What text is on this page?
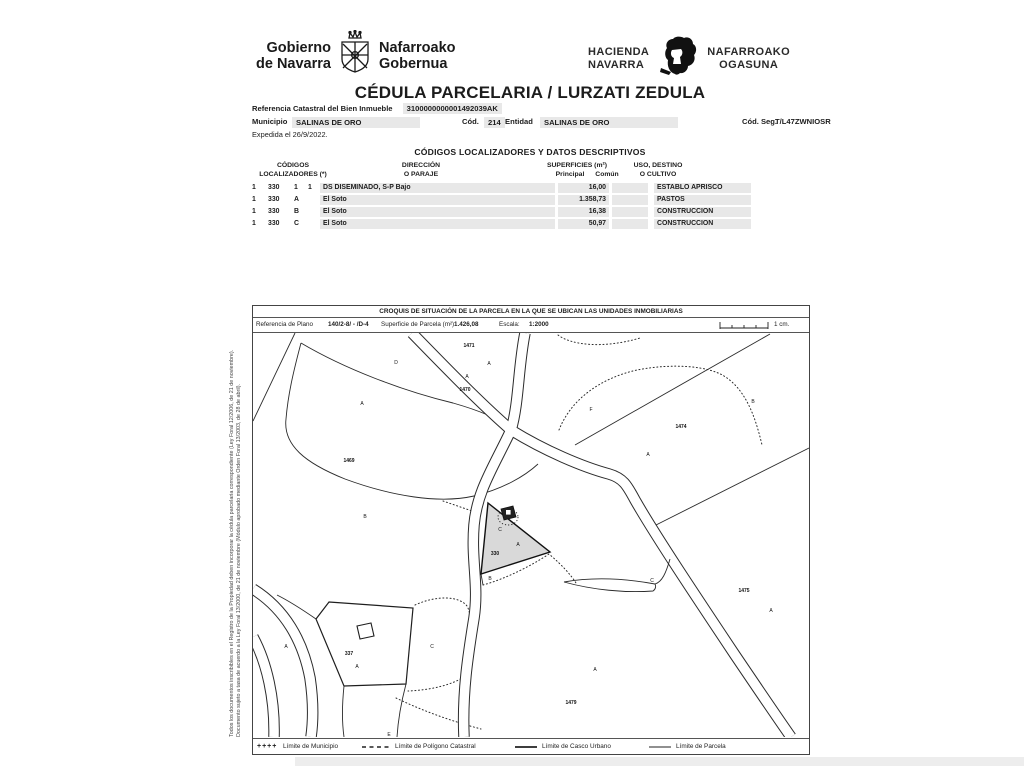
Gobierno
de Navarra
Nafarroako
Gobernua
HACIENDA
NAVARRA
NAFARROAKO
OGASUNA
CÉDULA PARCELARIA / LURZATI ZEDULA
Referencia Catastral del Bien Inmueble 3100000000001492039AK
Municipio	SALINAS DE ORO	Cód.	214 Entidad	SALINAS DE ORO	Cód. Seg.
T/L47ZWNIOSR
Expedida el 26/9/2022.
CÓDIGOS LOCALIZADORES Y DATOS DESCRIPTIVOS
CÓDIGOS
LOCALIZADORES (*)
DIRECCIÓN
O PARAJE
SUPERFICIES (m²)
Principal	Común
USO, DESTINO
O CULTIVO
1 330 1 1	DS DISEMINADO, S-P Bajo	16,00	ESTABLO APRISCO
1 330 A	El Soto	1.358,73	PASTOS
1 330 B	El Soto	16,38	CONSTRUCCION
1 330 C	El Soto	50,97	CONSTRUCCION
Todos los documentos inscribibles en el Registro de la Propiedad deben incorporar la cédula parcelaria correspondiente (Ley Foral 12/2006, de 21 de noviembre). Documento sujeto a tasa de acuerdo a la Ley Foral 13/2000, de 21 de noviembre (Módulo aprobado mediante Orden Foral 13/2003, de 28 de abril).
CROQUIS DE SITUACIÓN DE LA PARCELA EN LA QUE SE UBICAN LAS UNIDADES INMOBILIARIAS
Referencia de Plano 140/2-8/ - /D-4 Superficie de Parcela (m²) 1.426,08	Escala: 1:2000	1 cm.
1471
A
D
A
1470
A
1469
B
F
1474
A
B
C
A
330
B	C
1475
A
A
337
A
C
A
1479
E
++++ Límite de Municipio	Límite de Polígono Catastral	Límite de Casco Urbano	Límite de Parcela
